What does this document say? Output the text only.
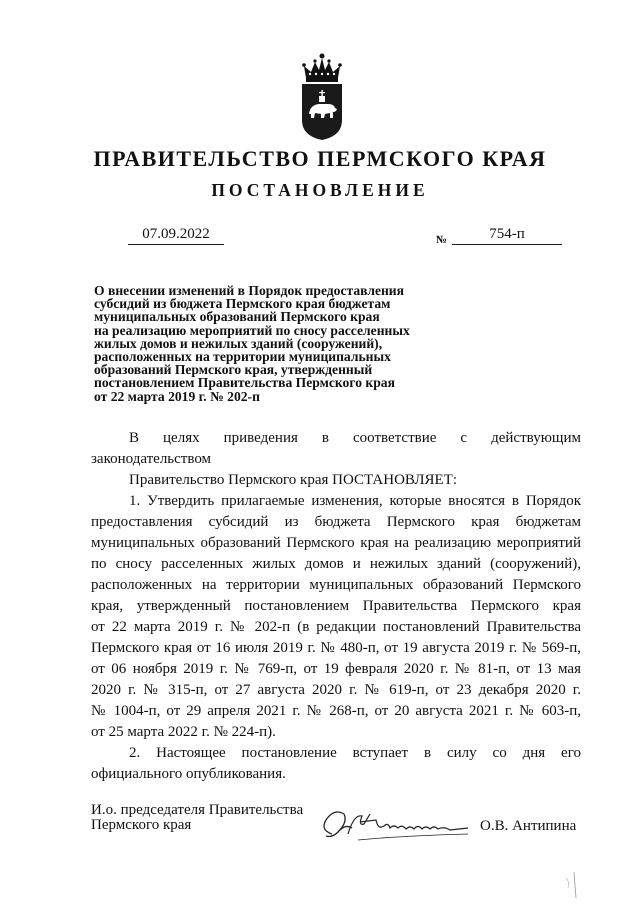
ПРАВИТЕЛЬСТВО ПЕРМСКОГО КРАЯ
ПОСТАНОВЛЕНИЕ
07.09.2022	№	754-п
О внесении изменений в Порядок предоставления
субсидий из бюджета Пермского края бюджетам
муниципальных образований Пермского края
на реализацию мероприятий по сносу расселенных
жилых домов и нежилых зданий (сооружений),
расположенных на территории муниципальных
образований Пермского края, утвержденный
постановлением Правительства Пермского края
от 22 марта 2019 г. № 202-п

В целях приведения в соответствие с действующим

законодательством

Правительство Пермского края ПОСТАНОВЛЯЕТ:

1. Утвердить прилагаемые изменения, которые вносятся в Порядок

предоставления субсидий из бюджета Пермского края бюджетам

муниципальных образований Пермского края на реализацию мероприятий

по сносу расселенных жилых домов и нежилых зданий (сооружений),

расположенных на территории муниципальных образований Пермского

края, утвержденный постановлением Правительства Пермского края

от 22 марта 2019 г. № 202-п (в редакции постановлений Правительства

Пермского края от 16 июля 2019 г. № 480-п, от 19 августа 2019 г. № 569-п,

от 06 ноября 2019 г. № 769-п, от 19 февраля 2020 г. № 81-п, от 13 мая

2020 г. № 315-п, от 27 августа 2020 г. № 619-п, от 23 декабря 2020 г.

№ 1004-п, от 29 апреля 2021 г. № 268-п, от 20 августа 2021 г. № 603-п,

от 25 марта 2022 г. № 224-п).

2. Настоящее постановление вступает в силу со дня его

официального опубликования.

И.о. председателя Правительства
Пермского края	О.В. Антипина
